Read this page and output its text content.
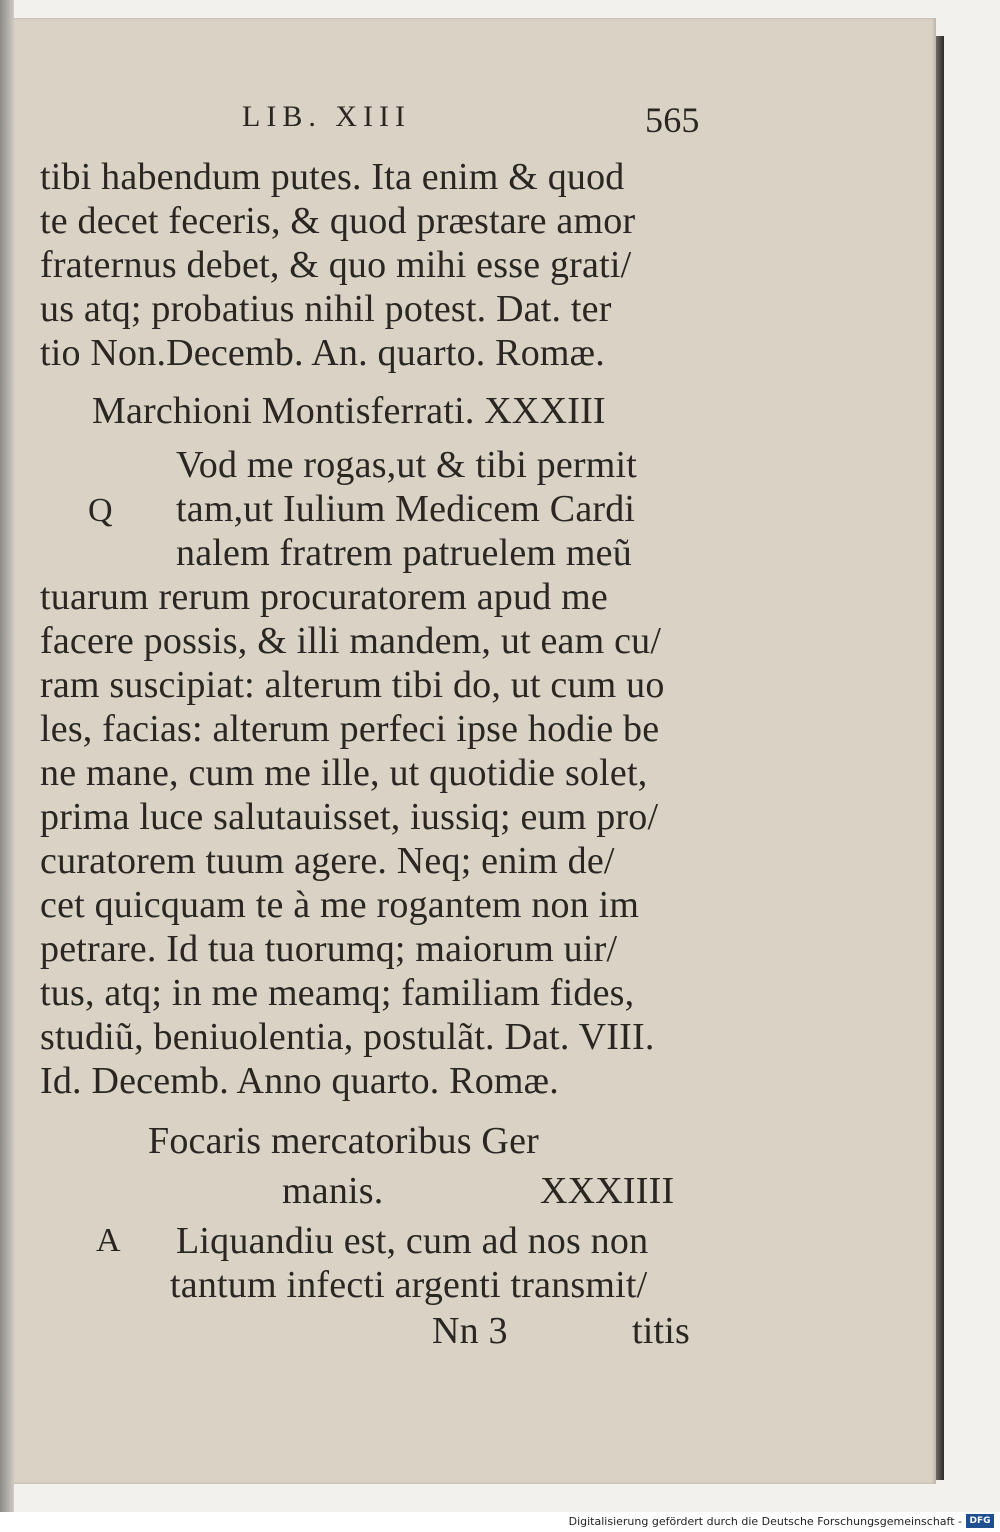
LIB. XIII	565

tibi habendum putes. Ita enim & quod

te decet feceris, & quod præstare amor

fraternus debet, & quo mihi esse grati/

us atq; probatius nihil potest. Dat. ter

tio Non.Decemb. An. quarto. Romæ.

Marchioni Montisferrati. XXXIII

Q

Vod me rogas,ut & tibi permit

tam,ut Iulium Medicem Cardi

nalem fratrem patruelem meũ

tuarum rerum procuratorem apud me

facere possis, & illi mandem, ut eam cu/

ram suscipiat: alterum tibi do, ut cum uo

les, facias: alterum perfeci ipse hodie be

ne mane, cum me ille, ut quotidie solet,

prima luce salutauisset, iussiq; eum pro/

curatorem tuum agere. Neq; enim de/

cet quicquam te à me rogantem non im

petrare. Id tua tuorumq; maiorum uir/

tus, atq; in me meamq; familiam fides,

studiũ, beniuolentia, postulãt. Dat. VIII.

Id. Decemb. Anno quarto. Romæ.

Focaris mercatoribus Ger

manis.	XXXIIII

A Liquandiu est, cum ad nos non

tantum infecti argenti transmit/

Nn 3	titis

Digitalisierung gefördert durch die Deutsche Forschungsgemeinschaft - DFG
